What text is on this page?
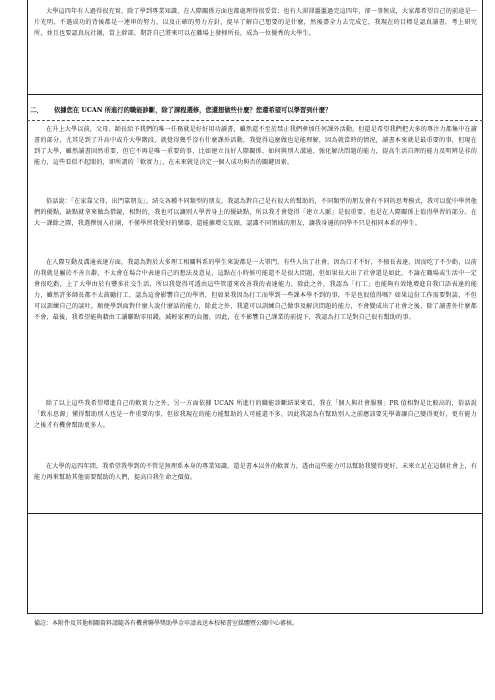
大學這四年有人過得很充實，除了學到專業知識，在人際關係方面也都處理得很妥當；也有人渾渾噩噩過完這四年，卻一事無成，大家都希望自己的前途是一片光明，不過成功的背後都是一連串的努力，以及正確的努力方針，提早了解自己想要的是什麼，然後盡全力去完成它，我現在的目標是認真讀書，考上研究所，並且也要認真玩社團，當上幹部，期許自己將來可以在職場上發揮所長，成為一位優秀的大學生。

二、 依據您在 UCAN 所進行的職能診斷，除了課程選修，您還想做些什麼？您還希望可以學習到什麼？

在升上大學以前，父母、師長給予我們的唯一任務就是好好用功讀書，雖然還不至於禁止我們參加任何課外活動，但還是希望我們把大多的專注力都集中在讀書的部分，尤其是到了升高中或升大學階段，就覺得幾乎沒有什麼課外活動，我覺得這麼做也是能理解，因為就當時的情況，讀書本來就是最重要的事，但現在到了大學，雖然讀書固然重要，但它不再是唯一重要的事，比如建立良好人際關係、如何與別人溝通、強化解決問題的能力，提高生活自理的能力及明辨是非的能力，這些看似不起眼的，卻所謂的「軟實力」，在未來就是決定一個人成功與否的關鍵因素。

俗話說：「在家靠父母，出門靠朋友」，結交各種不同類型的朋友，我認為對自己是有很大的幫助的，不同類型的朋友會有不同的思考模式，我可以從中學習他們的優點，缺點就拿來做為借鏡，相對的，我也可以讓別人學習身上的優缺點，所以我才會覺得「建立人脈」是很重要，也是在人際關係上值得學習的部分。在大一課餘之際，我選擇加入社團，不僅學習我愛好的樂器，還能擴增交友圈，認識不同領域的朋友，讓我身邊的同學不只是相同本系的學生。

在人際互動及溝通表達方面，我認為對於大多理工相關科系的學生來說都是一大罩門，有些人出了社會，因為口才不好，不擅長表達，因而吃了不少虧，以前的我就是屬於不善言辭，不太會在場合中表達自己的想法及意見，這點在小時候可能還不是很大問題，但如果長大出了社會還是如此，不論在職場或生活中一定會很吃虧，上了大學由於有豐多社交生活，所以我覺得可透由這些管道來改善我的表達能力，除此之外，我認為「打工」也能夠有效地增進自我口語表達的能力，雖然許多師長都不太鼓勵打工，認為這會影響自己的學習，但如果我因為打工而學到一些課本學不到的事，不是也很值得嗎？如果這份工作需要對談，不但可以訓練自己的談吐，順便學到面對什麼人說什麼話的能力，除此之外，我還可以訓練自己做事及解決問題的能力，不會變成出了社會之後，除了讀書外什麼都不會，最後，我希望能夠藉由工讀賺點零用錢，減輕家裡的負擔，因此，在不影響自己課業的前提下，我認為打工是對自己很有幫助的事。

除了以上這些我希望增進自己的軟實力之外，另一方面依據 UCAN 所進行的職能診斷結果來看，我在「個人與社會服務」PR 值相對是比較高的，俗話說「飲水思源」懂得幫助別人也是一件重要的事，但依我現在的能力能幫助的人可能還不多，因此我認為有幫助別人之前應該要先學著讓自己變得更好，更有能力之後才有機會幫助更多人。

在大學的這四年間，我希望我學到的不管是無理系本身的專業知識，還是書本以外的軟實力，透由這些能力可以幫助我變得更好，未來立足在這個社會上，有能力再來幫助其他需要幫助的人們，提高自我生命之價值。

備註：本附件及其他相關資料請隨各有機會聯學獎助學金申請表送本校秘書室媒體暨公關中心審核。
